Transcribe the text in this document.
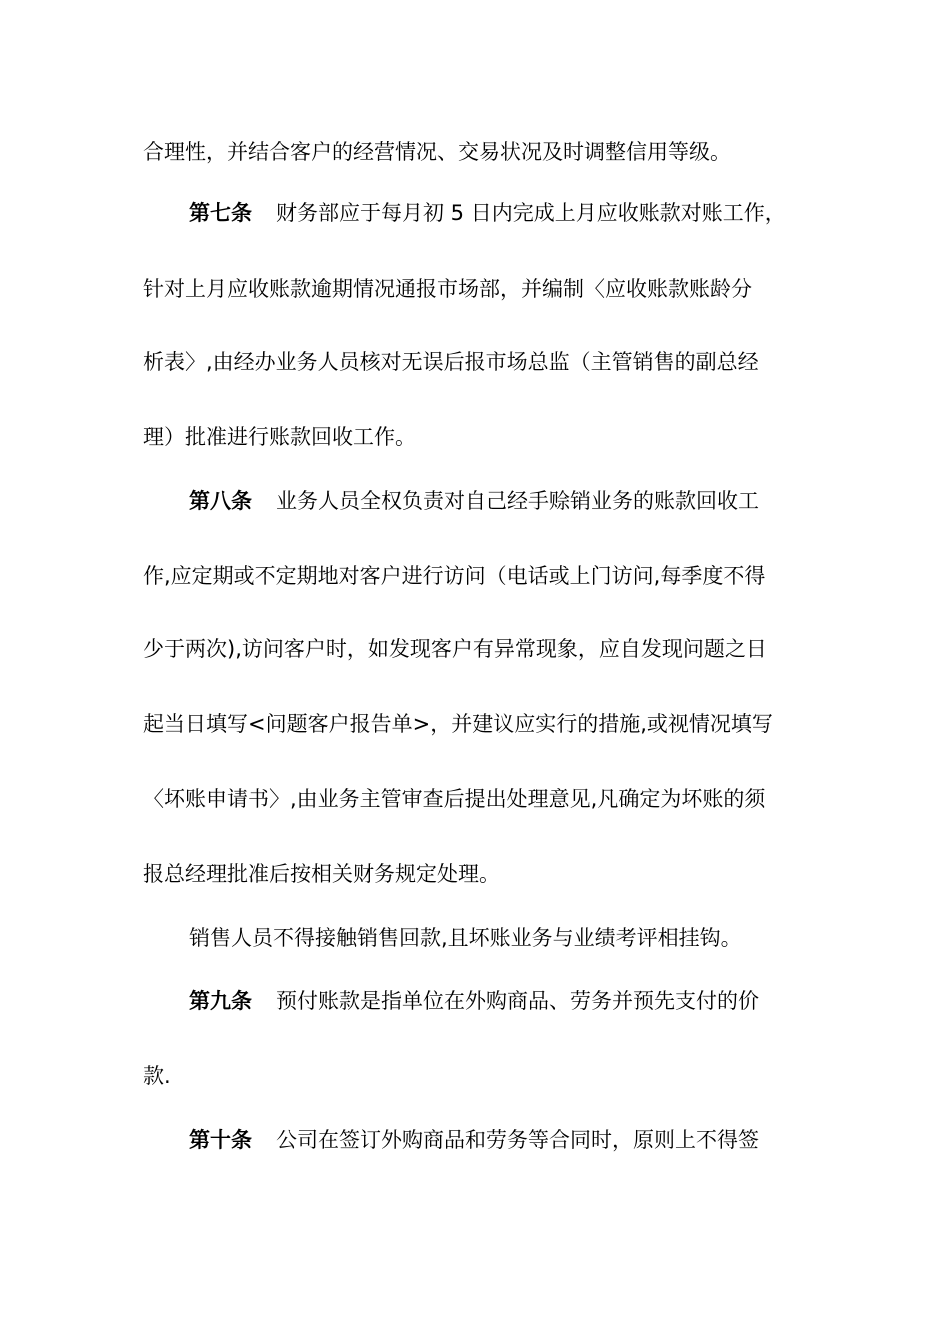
合理性，并结合客户的经营情况、交易状况及时调整信用等级。
第七条 财务部应于每月初 5 日内完成上月应收账款对账工作，
针对上月应收账款逾期情况通报市场部，并编制〈应收账款账龄分
析表〉,由经办业务人员核对无误后报市场总监（主管销售的副总经
理）批准进行账款回收工作。
第八条 业务人员全权负责对自己经手赊销业务的账款回收工
作,应定期或不定期地对客户进行访问（电话或上门访问,每季度不得
少于两次),访问客户时，如发现客户有异常现象，应自发现问题之日
起当日填写<问题客户报告单>，并建议应实行的措施,或视情况填写
〈坏账申请书〉,由业务主管审查后提出处理意见,凡确定为坏账的须
报总经理批准后按相关财务规定处理。
销售人员不得接触销售回款,且坏账业务与业绩考评相挂钩。
第九条 预付账款是指单位在外购商品、劳务并预先支付的价
款.
第十条 公司在签订外购商品和劳务等合同时，原则上不得签
